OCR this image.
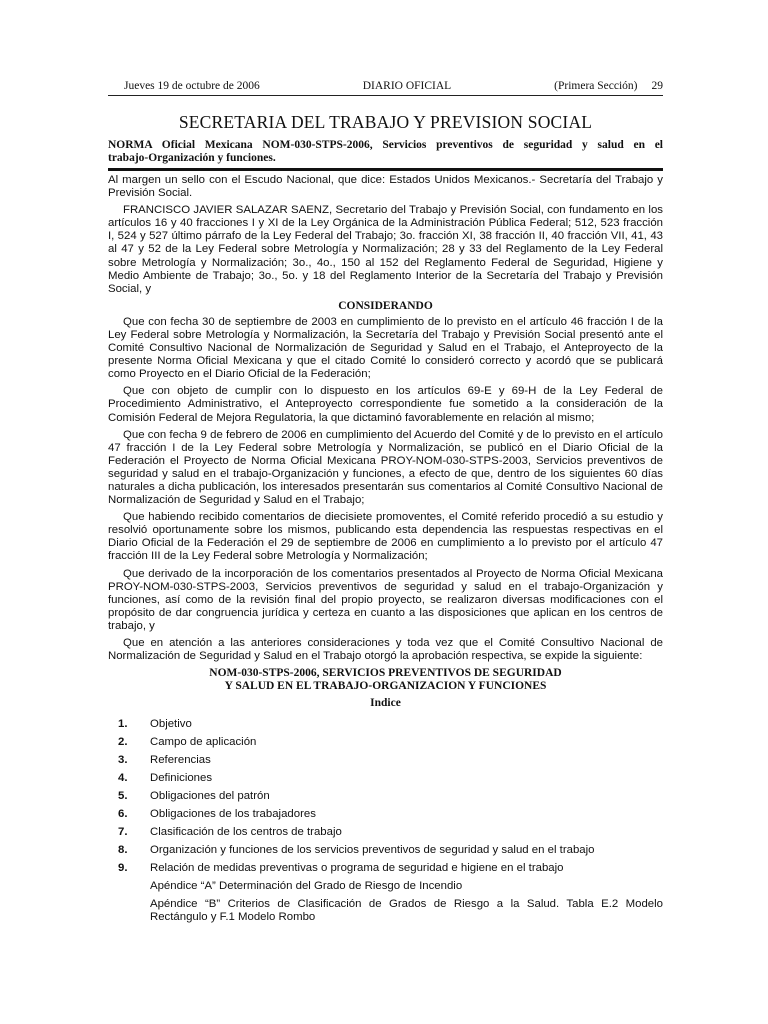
Jueves 19 de octubre de 2006	DIARIO OFICIAL	(Primera Sección) 29
SECRETARIA DEL TRABAJO Y PREVISION SOCIAL
NORMA Oficial Mexicana NOM-030-STPS-2006, Servicios preventivos de seguridad y salud en el
trabajo-Organización y funciones.

Al margen un sello con el Escudo Nacional, que dice: Estados Unidos Mexicanos.- Secretaría del Trabajo y Previsión Social.

FRANCISCO JAVIER SALAZAR SAENZ, Secretario del Trabajo y Previsión Social, con fundamento en los artículos 16 y 40 fracciones I y XI de la Ley Orgánica de la Administración Pública Federal; 512, 523 fracción I, 524 y 527 último párrafo de la Ley Federal del Trabajo; 3o. fracción XI, 38 fracción II, 40 fracción VII, 41, 43 al 47 y 52 de la Ley Federal sobre Metrología y Normalización; 28 y 33 del Reglamento de la Ley Federal sobre Metrología y Normalización; 3o., 4o., 150 al 152 del Reglamento Federal de Seguridad, Higiene y Medio Ambiente de Trabajo; 3o., 5o. y 18 del Reglamento Interior de la Secretaría del Trabajo y Previsión Social, y

CONSIDERANDO

Que con fecha 30 de septiembre de 2003 en cumplimiento de lo previsto en el artículo 46 fracción I de la Ley Federal sobre Metrología y Normalización, la Secretaría del Trabajo y Previsión Social presentó ante el Comité Consultivo Nacional de Normalización de Seguridad y Salud en el Trabajo, el Anteproyecto de la presente Norma Oficial Mexicana y que el citado Comité lo consideró correcto y acordó que se publicará como Proyecto en el Diario Oficial de la Federación;

Que con objeto de cumplir con lo dispuesto en los artículos 69-E y 69-H de la Ley Federal de Procedimiento Administrativo, el Anteproyecto correspondiente fue sometido a la consideración de la Comisión Federal de Mejora Regulatoria, la que dictaminó favorablemente en relación al mismo;

Que con fecha 9 de febrero de 2006 en cumplimiento del Acuerdo del Comité y de lo previsto en el artículo 47 fracción I de la Ley Federal sobre Metrología y Normalización, se publicó en el Diario Oficial de la Federación el Proyecto de Norma Oficial Mexicana PROY-NOM-030-STPS-2003, Servicios preventivos de seguridad y salud en el trabajo-Organización y funciones, a efecto de que, dentro de los siguientes 60 días naturales a dicha publicación, los interesados presentarán sus comentarios al Comité Consultivo Nacional de Normalización de Seguridad y Salud en el Trabajo;

Que habiendo recibido comentarios de diecisiete promoventes, el Comité referido procedió a su estudio y resolvió oportunamente sobre los mismos, publicando esta dependencia las respuestas respectivas en el Diario Oficial de la Federación el 29 de septiembre de 2006 en cumplimiento a lo previsto por el artículo 47 fracción III de la Ley Federal sobre Metrología y Normalización;

Que derivado de la incorporación de los comentarios presentados al Proyecto de Norma Oficial Mexicana PROY-NOM-030-STPS-2003, Servicios preventivos de seguridad y salud en el trabajo-Organización y funciones, así como de la revisión final del propio proyecto, se realizaron diversas modificaciones con el propósito de dar congruencia jurídica y certeza en cuanto a las disposiciones que aplican en los centros de trabajo, y

Que en atención a las anteriores consideraciones y toda vez que el Comité Consultivo Nacional de Normalización de Seguridad y Salud en el Trabajo otorgó la aprobación respectiva, se expide la siguiente:

NOM-030-STPS-2006, SERVICIOS PREVENTIVOS DE SEGURIDAD
Y SALUD EN EL TRABAJO-ORGANIZACION Y FUNCIONES
Indice
1.	Objetivo
2.	Campo de aplicación
3.	Referencias
4.	Definiciones
5.	Obligaciones del patrón
6.	Obligaciones de los trabajadores
7.	Clasificación de los centros de trabajo
8.	Organización y funciones de los servicios preventivos de seguridad y salud en el trabajo
9.	Relación de medidas preventivas o programa de seguridad e higiene en el trabajo
Apéndice “A” Determinación del Grado de Riesgo de Incendio
Apéndice “B” Criterios de Clasificación de Grados de Riesgo a la Salud. Tabla E.2 Modelo Rectángulo y F.1 Modelo Rombo
